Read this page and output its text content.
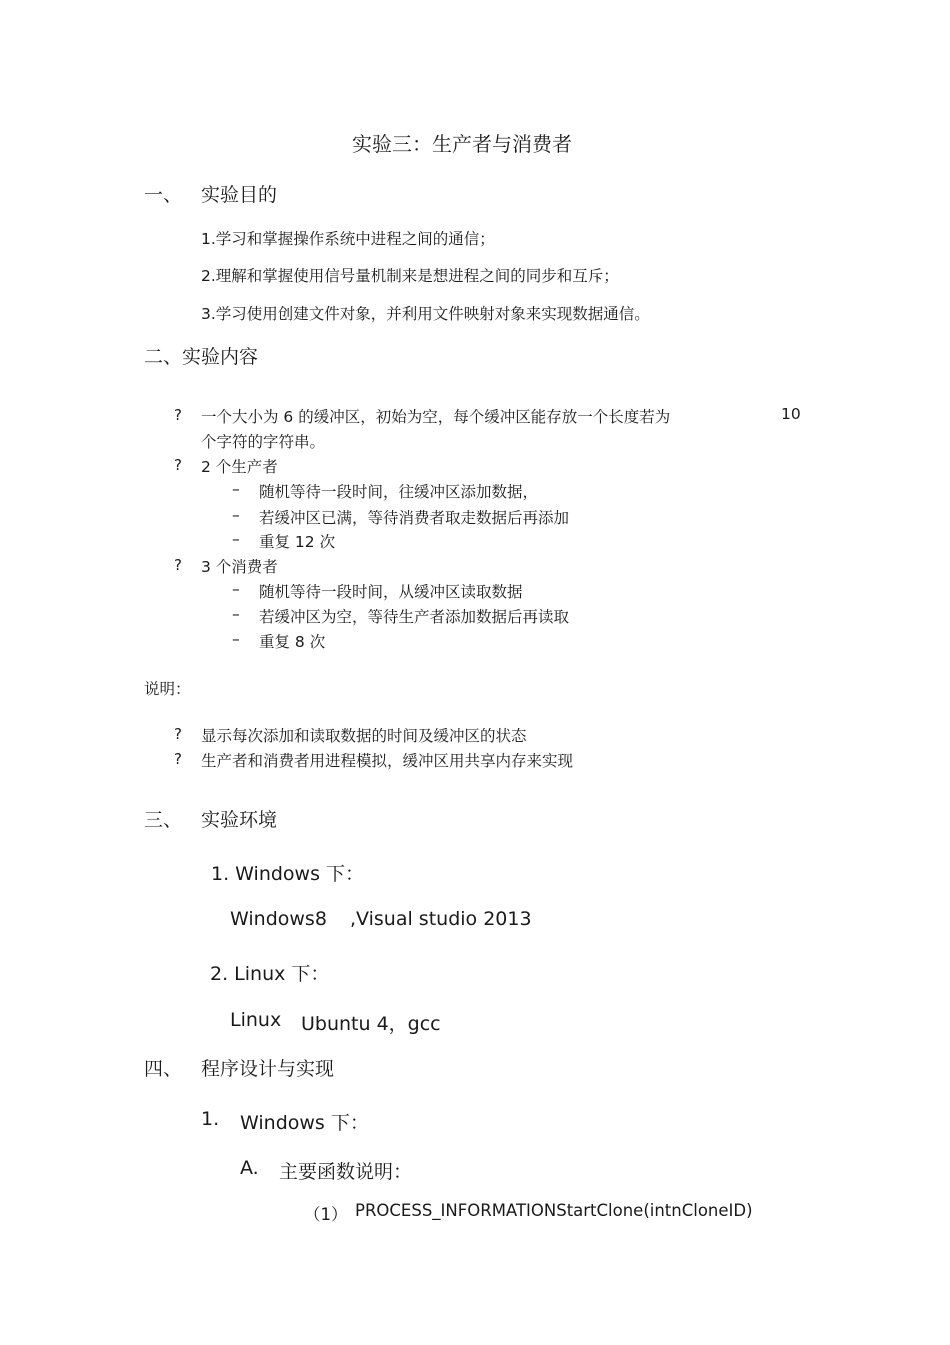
实验三：生产者与消费者
一、 实验目的
1.学习和掌握操作系统中进程之间的通信；
2.理解和掌握使用信号量机制来是想进程之间的同步和互斥；
3.学习使用创建文件对象，并利用文件映射对象来实现数据通信。
二、实验内容
? 一个大小为 6 的缓冲区，初始为空，每个缓冲区能存放一个长度若为	10
个字符的字符串。
? 2 个生产者
– 随机等待一段时间，往缓冲区添加数据，
– 若缓冲区已满，等待消费者取走数据后再添加
– 重复 12 次
? 3 个消费者
– 随机等待一段时间，从缓冲区读取数据
– 若缓冲区为空，等待生产者添加数据后再读取
– 重复 8 次
说明：
? 显示每次添加和读取数据的时间及缓冲区的状态
? 生产者和消费者用进程模拟，缓冲区用共享内存来实现
三、 实验环境
1. Windows 下：
Windows8 ,Visual studio 2013
2. Linux 下：
Linux Ubuntu 4，gcc
四、 程序设计与实现
1. Windows 下：
A. 主要函数说明：
（1） PROCESS_INFORMATIONStartClone(intnCloneID)
